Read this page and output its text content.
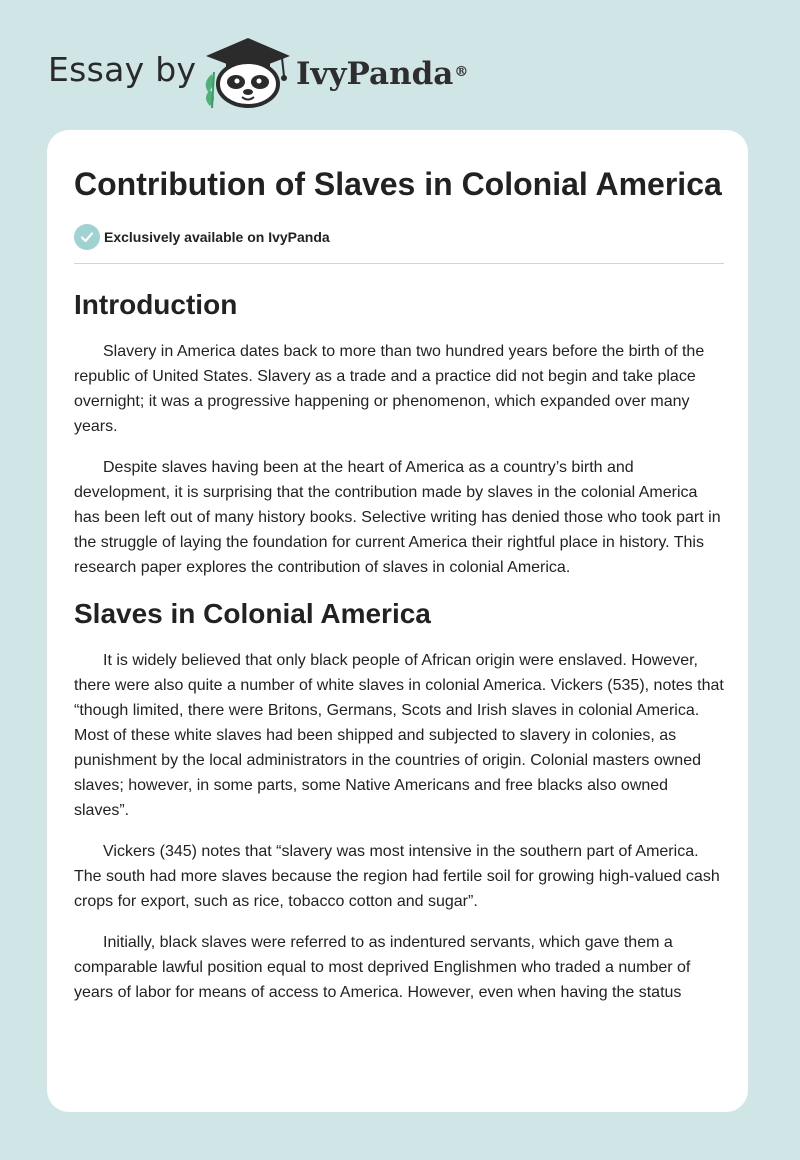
Essay by	IvyPanda®
Contribution of Slaves in Colonial America
Exclusively available on IvyPanda
Introduction

Slavery in America dates back to more than two hundred years before the birth of the republic of United States. Slavery as a trade and a practice did not begin and take place overnight; it was a progressive happening or phenomenon, which expanded over many years.

Despite slaves having been at the heart of America as a country’s birth and development, it is surprising that the contribution made by slaves in the colonial America has been left out of many history books. Selective writing has denied those who took part in the struggle of laying the foundation for current America their rightful place in history. This research paper explores the contribution of slaves in colonial America.

Slaves in Colonial America

It is widely believed that only black people of African origin were enslaved. However, there were also quite a number of white slaves in colonial America. Vickers (535), notes that “though limited, there were Britons, Germans, Scots and Irish slaves in colonial America. Most of these white slaves had been shipped and subjected to slavery in colonies, as punishment by the local administrators in the countries of origin. Colonial masters owned slaves; however, in some parts, some Native Americans and free blacks also owned slaves”.

Vickers (345) notes that “slavery was most intensive in the southern part of America. The south had more slaves because the region had fertile soil for growing high-valued cash crops for export, such as rice, tobacco cotton and sugar”.

Initially, black slaves were referred to as indentured servants, which gave them a comparable lawful position equal to most deprived Englishmen who traded a number of years of labor for means of access to America. However, even when having the status
